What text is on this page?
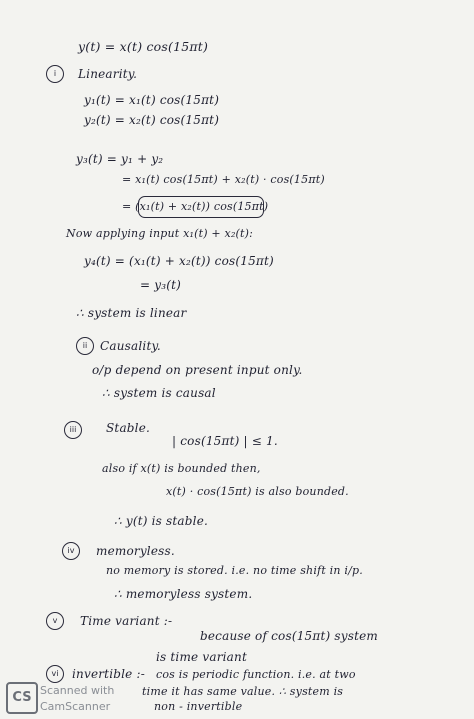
y(t) = x(t) cos(15πt)
i	Linearity.
y₁(t) = x₁(t) cos(15πt)
y₂(t) = x₂(t) cos(15πt)
y₃(t) = y₁ + y₂
= x₁(t) cos(15πt) + x₂(t) · cos(15πt)
= (x₁(t) + x₂(t)) cos(15πt)
Now applying input x₁(t) + x₂(t):
y₄(t) = (x₁(t) + x₂(t)) cos(15πt)
= y₃(t)
∴ system is linear
ii	Causality.
o/p depend on present input only.
∴ system is causal
iii	Stable.
| cos(15πt) | ≤ 1.
also if x(t) is bounded then,
x(t) · cos(15πt) is also bounded.
∴ y(t) is stable.
iv	memoryless.
no memory is stored. i.e. no time shift in i/p.
∴ memoryless system.
v	Time variant :-
because of cos(15πt) system
is time variant
vi	invertible :- cos is periodic function. i.e. at two
time it has same value. ∴ system is
non - invertible
CS Scanned with
CamScanner
